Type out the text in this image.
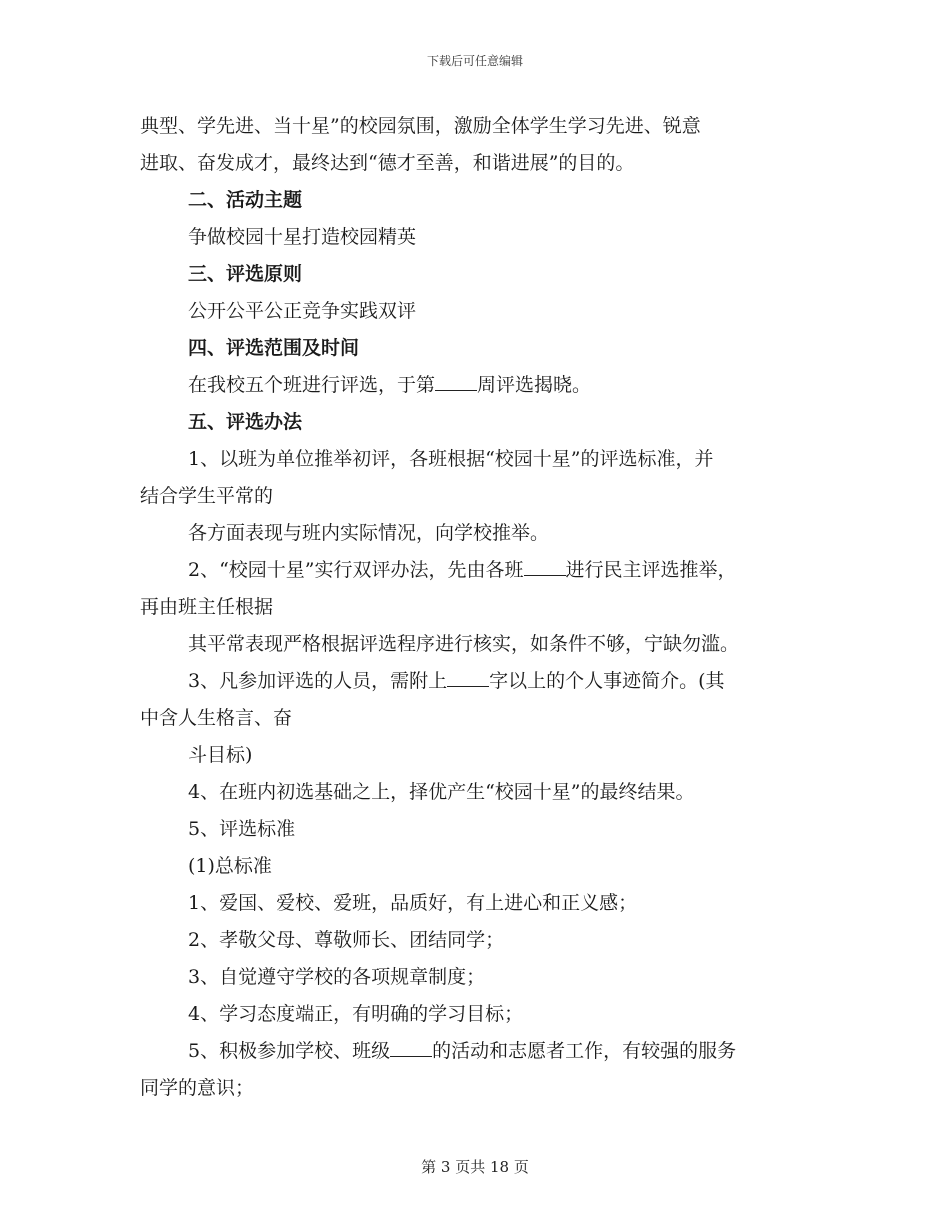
下载后可任意编辑

典型、学先进、当十星”的校园氛围，激励全体学生学习先进、锐意

进取、奋发成才，最终达到“德才至善，和谐进展”的目的。

二、活动主题

争做校园十星打造校园精英

三、评选原则

公开公平公正竞争实践双评

四、评选范围及时间

在我校五个班进行评选，于第 周评选揭晓。

五、评选办法

1、以班为单位推举初评，各班根据“校园十星”的评选标准，并

结合学生平常的

各方面表现与班内实际情况，向学校推举。

2、“校园十星”实行双评办法，先由各班 进行民主评选推举，

再由班主任根据

其平常表现严格根据评选程序进行核实，如条件不够，宁缺勿滥。

3、凡参加评选的人员，需附上 字以上的个人事迹简介。(其

中含人生格言、奋

斗目标)

4、在班内初选基础之上，择优产生“校园十星”的最终结果。

5、评选标准

(1)总标准

1、爱国、爱校、爱班，品质好，有上进心和正义感；

2、孝敬父母、尊敬师长、团结同学；

3、自觉遵守学校的各项规章制度；

4、学习态度端正，有明确的学习目标；

5、积极参加学校、班级 的活动和志愿者工作，有较强的服务

同学的意识；

第 3 页共 18 页
